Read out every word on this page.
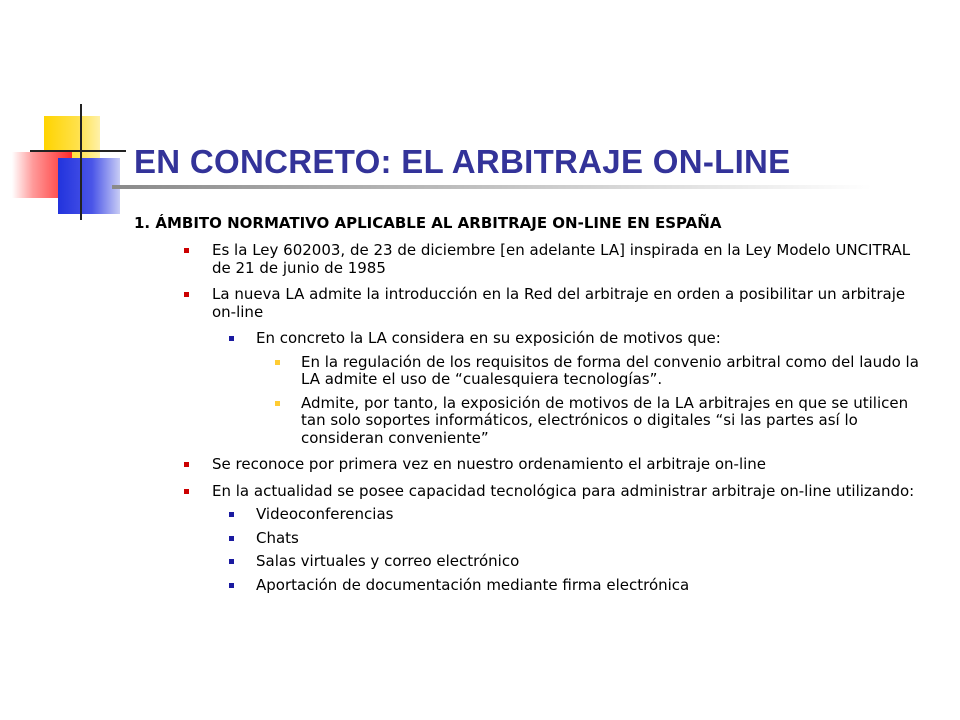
EN CONCRETO: EL ARBITRAJE ON-LINE
1. ÁMBITO NORMATIVO APLICABLE AL ARBITRAJE ON-LINE EN ESPAÑA
Es la Ley 602003, de 23 de diciembre [en adelante LA] inspirada en la Ley Modelo UNCITRAL de 21 de junio de 1985
La nueva LA admite la introducción en la Red del arbitraje en orden a posibilitar un arbitraje on-line
En concreto la LA considera en su exposición de motivos que:
En la regulación de los requisitos de forma del convenio arbitral como del laudo la LA admite el uso de “cualesquiera tecnologías”.
Admite, por tanto, la exposición de motivos de la LA arbitrajes en que se utilicen tan solo soportes informáticos, electrónicos o digitales “si las partes así lo consideran conveniente”
Se reconoce por primera vez en nuestro ordenamiento el arbitraje on-line
En la actualidad se posee capacidad tecnológica para administrar arbitraje on-line utilizando:
Videoconferencias
Chats
Salas virtuales y correo electrónico
Aportación de documentación mediante firma electrónica
